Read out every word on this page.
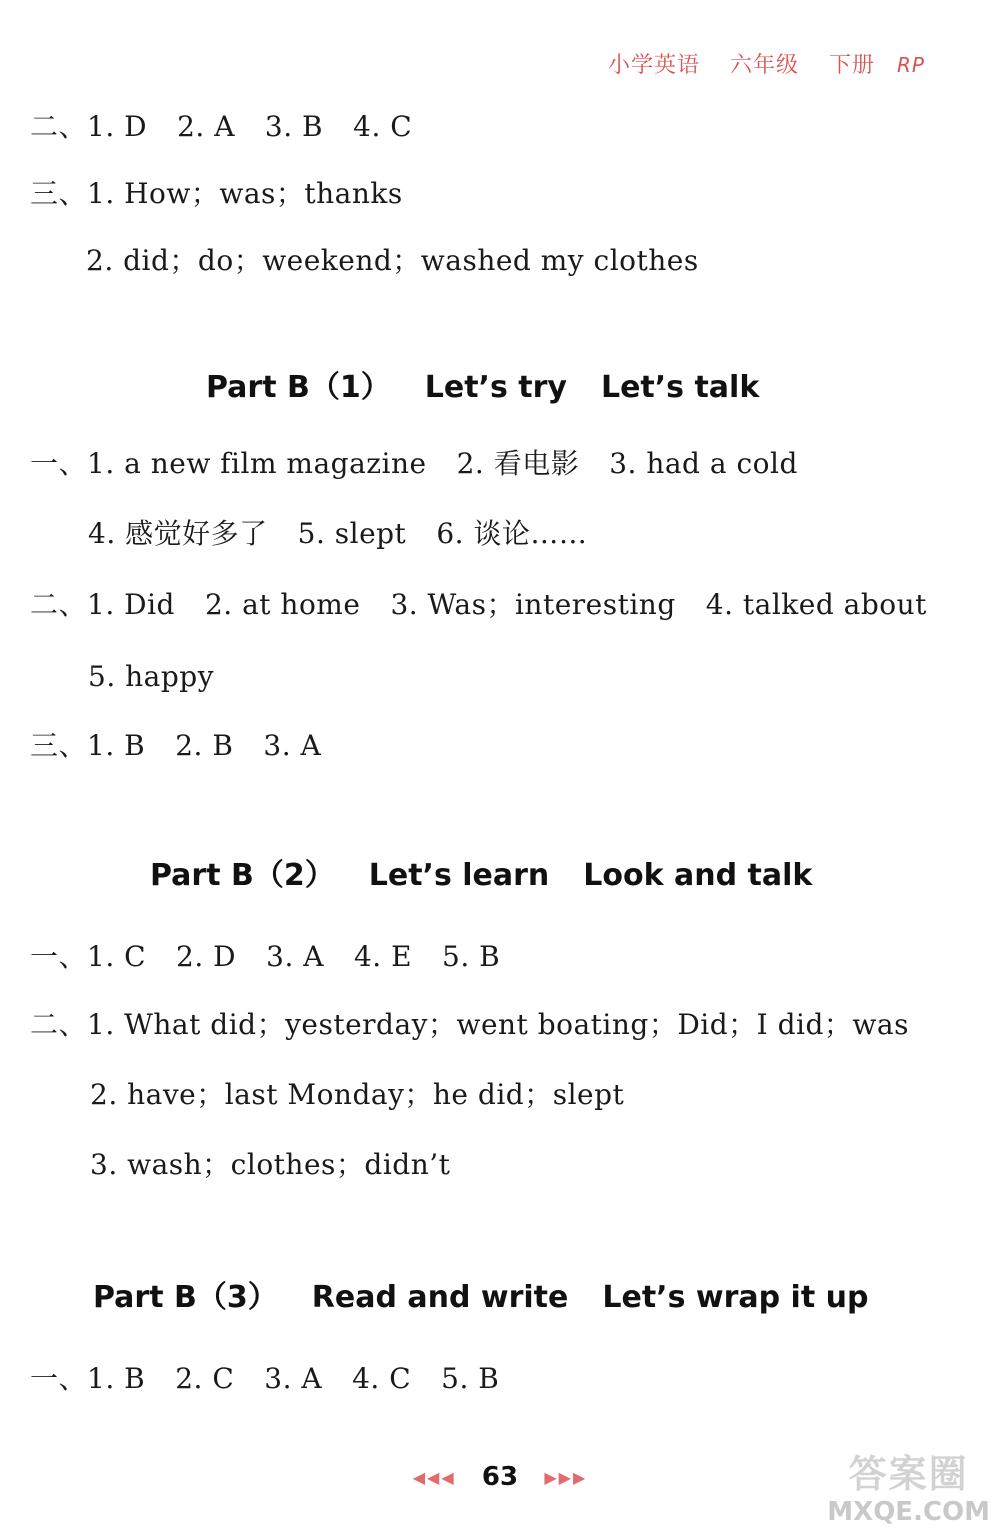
小学英语 六年级 下册 RP
二、1. D 2. A 3. B 4. C
三、1. How；was；thanks
2. did；do；weekend；washed my clothes
Part B（1） Let’s try Let’s talk
一、1. a new film magazine 2. 看电影 3. had a cold
4. 感觉好多了 5. slept 6. 谈论……
二、1. Did 2. at home 3. Was；interesting 4. talked about
5. happy
三、1. B 2. B 3. A
Part B（2） Let’s learn Look and talk
一、1. C 2. D 3. A 4. E 5. B
二、1. What did；yesterday；went boating；Did；I did；was
2. have；last Monday；he did；slept
3. wash；clothes；didn’t
Part B（3） Read and write Let’s wrap it up
一、1. B 2. C 3. A 4. C 5. B
◀◀◀ 63 ▶▶▶	答案圈
MXQE.COM
